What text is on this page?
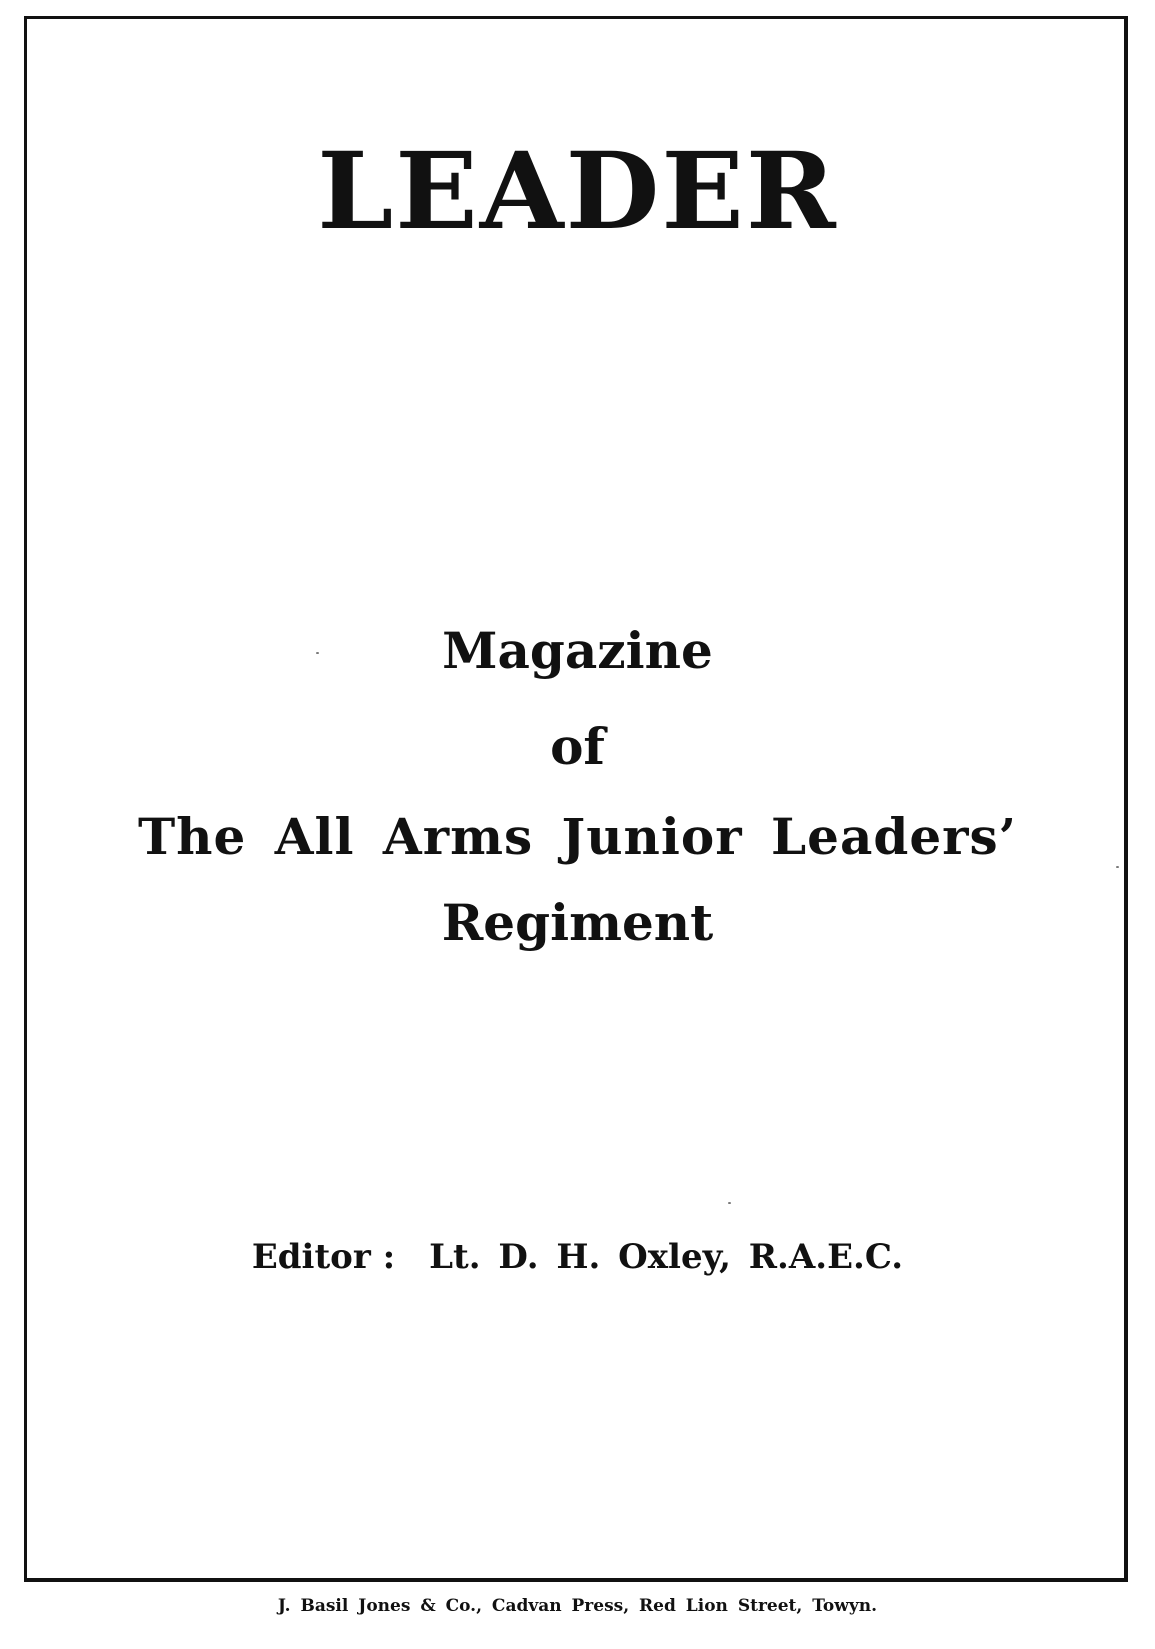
LEADER
Magazine
of
The All Arms Junior Leaders’
Regiment
Editor : Lt. D. H. Oxley, R.A.E.C.
J. Basil Jones & Co., Cadvan Press, Red Lion Street, Towyn.
